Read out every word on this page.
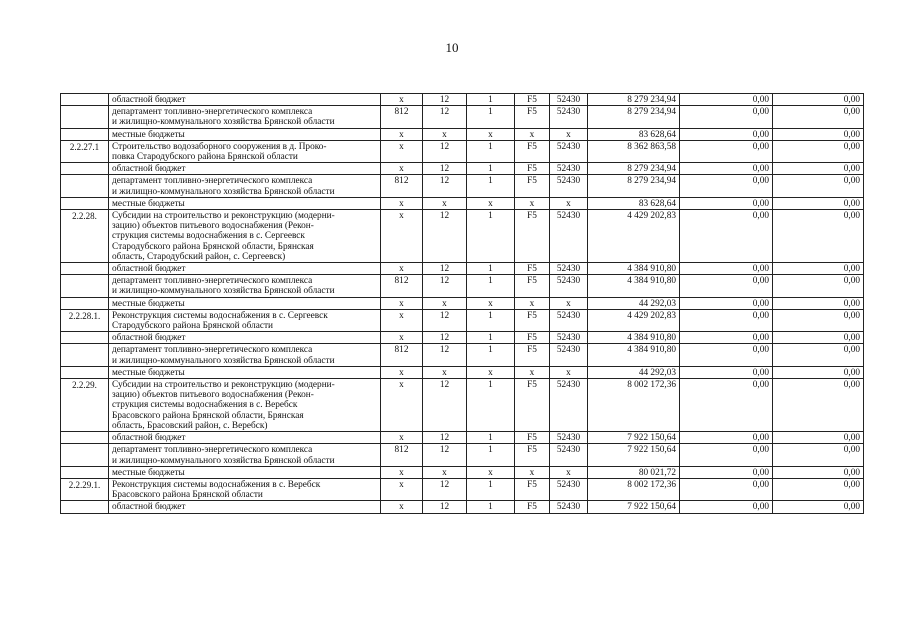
10

	областной бюджет	х	12	1	F5	52430	8 279 234,94	0,00	0,00

	департамент топливно-энергетического комплекса
и жилищно-коммунального хозяйства Брянской области	812	12	1	F5	52430	8 279 234,94	0,00	0,00

	местные бюджеты	х	х	х	х	х	83 628,64	0,00	0,00
2.2.27.1	Строительство водозаборного сооружения в д. Проко-
повка Стародубского района Брянской области	х	12	1	F5	52430	8 362 863,58	0,00	0,00

	областной бюджет	х	12	1	F5	52430	8 279 234,94	0,00	0,00

	департамент топливно-энергетического комплекса
и жилищно-коммунального хозяйства Брянской области	812	12	1	F5	52430	8 279 234,94	0,00	0,00

	местные бюджеты	х	х	х	х	х	83 628,64	0,00	0,00
2.2.28.	Субсидии на строительство и реконструкцию (модерни-
зацию) объектов питьевого водоснабжения (Рекон-
струкция системы водоснабжения в с. Сергеевск
Стародубского района Брянской области, Брянская
область, Стародубский район, с. Сергеевск)	х	12	1	F5	52430	4 429 202,83	0,00	0,00

	областной бюджет	х	12	1	F5	52430	4 384 910,80	0,00	0,00

	департамент топливно-энергетического комплекса
и жилищно-коммунального хозяйства Брянской области	812	12	1	F5	52430	4 384 910,80	0,00	0,00

	местные бюджеты	х	х	х	х	х	44 292,03	0,00	0,00
2.2.28.1.	Реконструкция системы водоснабжения в с. Сергеевск
Стародубского района Брянской области	х	12	1	F5	52430	4 429 202,83	0,00	0,00

	областной бюджет	х	12	1	F5	52430	4 384 910,80	0,00	0,00

	департамент топливно-энергетического комплекса
и жилищно-коммунального хозяйства Брянской области	812	12	1	F5	52430	4 384 910,80	0,00	0,00

	местные бюджеты	х	х	х	х	х	44 292,03	0,00	0,00
2.2.29.	Субсидии на строительство и реконструкцию (модерни-
зацию) объектов питьевого водоснабжения (Рекон-
струкция системы водоснабжения в с. Веребск
Брасовского района Брянской области, Брянская
область, Брасовский район, с. Веребск)	х	12	1	F5	52430	8 002 172,36	0,00	0,00

	областной бюджет	х	12	1	F5	52430	7 922 150,64	0,00	0,00

	департамент топливно-энергетического комплекса
и жилищно-коммунального хозяйства Брянской области	812	12	1	F5	52430	7 922 150,64	0,00	0,00

	местные бюджеты	х	х	х	х	х	80 021,72	0,00	0,00
2.2.29.1.	Реконструкция системы водоснабжения в с. Веребск
Брасовского района Брянской области	х	12	1	F5	52430	8 002 172,36	0,00	0,00

	областной бюджет	х	12	1	F5	52430	7 922 150,64	0,00	0,00
